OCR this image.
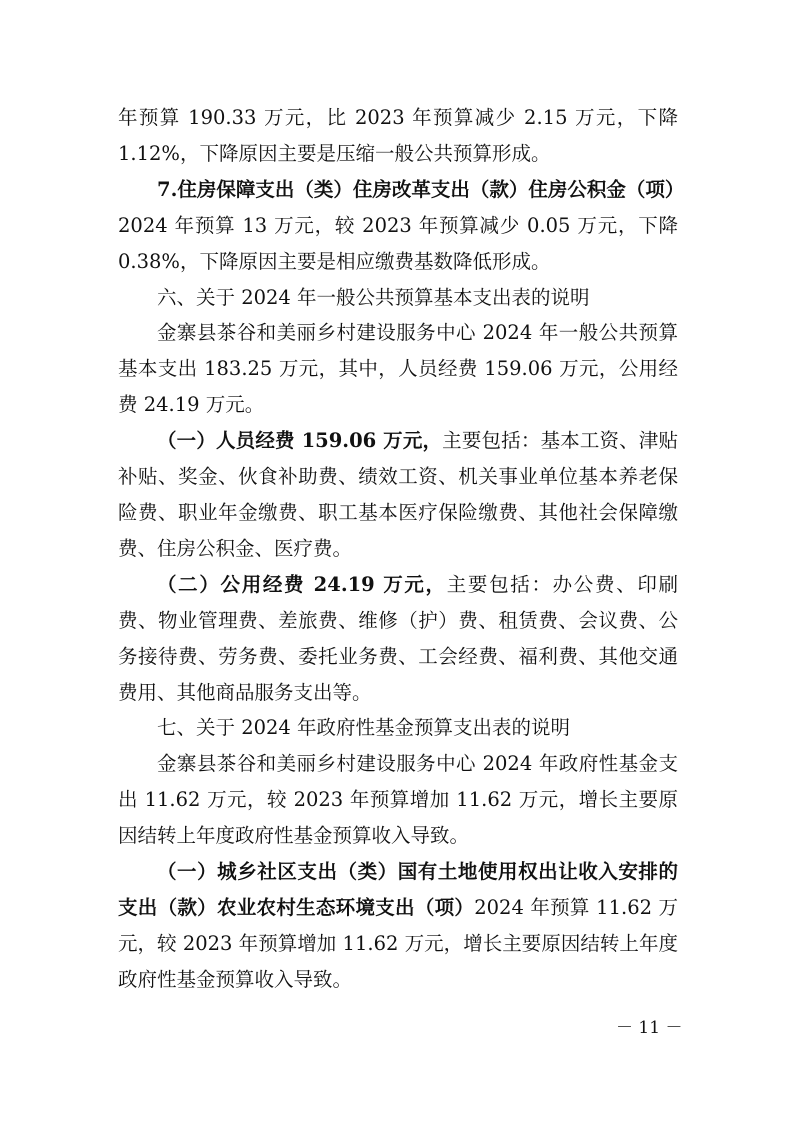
年预算 190.33 万元，比 2023 年预算减少 2.15 万元，下降 1.12%，下降原因主要是压缩一般公共预算形成。

7.住房保障支出（类）住房改革支出（款）住房公积金（项）2024 年预算 13 万元，较 2023 年预算减少 0.05 万元，下降 0.38%，下降原因主要是相应缴费基数降低形成。

六、关于 2024 年一般公共预算基本支出表的说明

金寨县茶谷和美丽乡村建设服务中心 2024 年一般公共预算基本支出 183.25 万元，其中，人员经费 159.06 万元，公用经费 24.19 万元。

（一）人员经费 159.06 万元，主要包括：基本工资、津贴补贴、奖金、伙食补助费、绩效工资、机关事业单位基本养老保险费、职业年金缴费、职工基本医疗保险缴费、其他社会保障缴费、住房公积金、医疗费。

（二）公用经费 24.19 万元，主要包括：办公费、印刷费、物业管理费、差旅费、维修（护）费、租赁费、会议费、公务接待费、劳务费、委托业务费、工会经费、福利费、其他交通费用、其他商品服务支出等。

七、关于 2024 年政府性基金预算支出表的说明

金寨县茶谷和美丽乡村建设服务中心 2024 年政府性基金支出 11.62 万元，较 2023 年预算增加 11.62 万元，增长主要原因结转上年度政府性基金预算收入导致。

（一）城乡社区支出（类）国有土地使用权出让收入安排的支出（款）农业农村生态环境支出（项）2024 年预算 11.62 万元，较 2023 年预算增加 11.62 万元，增长主要原因结转上年度政府性基金预算收入导致。

－ 11 －
